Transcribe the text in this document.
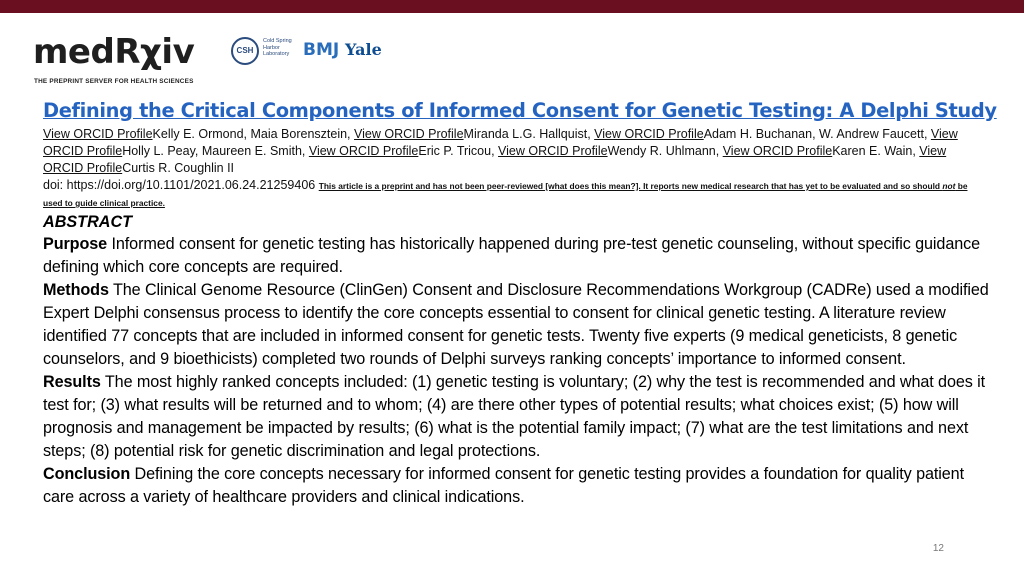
medRχiv
THE PREPRINT SERVER FOR HEALTH SCIENCES
CSH
Cold Spring Harbor Laboratory BMJ Yale
Defining the Critical Components of Informed Consent for Genetic Testing: A Delphi Study
View ORCID ProfileKelly E. Ormond, Maia Borensztein, View ORCID ProfileMiranda L.G. Hallquist, View ORCID ProfileAdam H. Buchanan, W. Andrew Faucett, View ORCID ProfileHolly L. Peay, Maureen E. Smith, View ORCID ProfileEric P. Tricou, View ORCID ProfileWendy R. Uhlmann, View ORCID ProfileKaren E. Wain, View ORCID ProfileCurtis R. Coughlin II
doi: https://doi.org/10.1101/2021.06.24.21259406 This article is a preprint and has not been peer-reviewed [what does this mean?]. It reports new medical research that has yet to be evaluated and so should not be used to guide clinical practice.
ABSTRACT

Purpose Informed consent for genetic testing has historically happened during pre-test genetic counseling, without specific guidance defining which core concepts are required.

Methods The Clinical Genome Resource (ClinGen) Consent and Disclosure Recommendations Workgroup (CADRe) used a modified Expert Delphi consensus process to identify the core concepts essential to consent for clinical genetic testing. A literature review identified 77 concepts that are included in informed consent for genetic tests. Twenty five experts (9 medical geneticists, 8 genetic counselors, and 9 bioethicists) completed two rounds of Delphi surveys ranking concepts’ importance to informed consent.

Results The most highly ranked concepts included: (1) genetic testing is voluntary; (2) why the test is recommended and what does it test for; (3) what results will be returned and to whom; (4) are there other types of potential results; what choices exist; (5) how will prognosis and management be impacted by results; (6) what is the potential family impact; (7) what are the test limitations and next steps; (8) potential risk for genetic discrimination and legal protections.

Conclusion Defining the core concepts necessary for informed consent for genetic testing provides a foundation for quality patient care across a variety of healthcare providers and clinical indications.

12
